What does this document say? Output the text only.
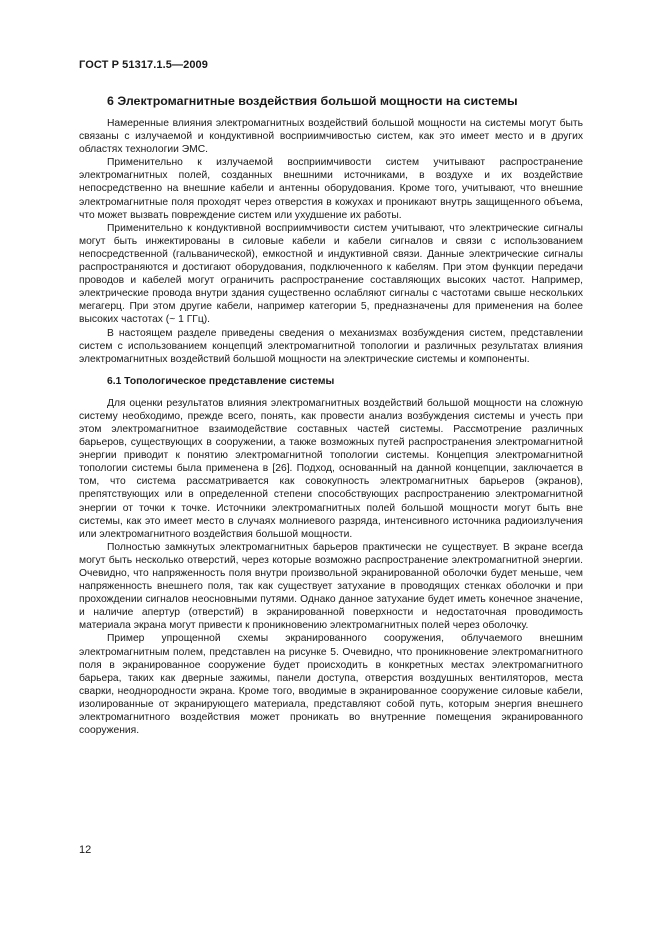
ГОСТ Р 51317.1.5—2009
6 Электромагнитные воздействия большой мощности на системы

Намеренные влияния электромагнитных воздействий большой мощности на системы могут быть связаны с излучаемой и кондуктивной восприимчивостью систем, как это имеет место и в других областях технологии ЭМС.

Применительно к излучаемой восприимчивости систем учитывают распространение электромагнитных полей, созданных внешними источниками, в воздухе и их воздействие непосредственно на внешние кабели и антенны оборудования. Кроме того, учитывают, что внешние электромагнитные поля проходят через отверстия в кожухах и проникают внутрь защищенного объема, что может вызвать повреждение систем или ухудшение их работы.

Применительно к кондуктивной восприимчивости систем учитывают, что электрические сигналы могут быть инжектированы в силовые кабели и кабели сигналов и связи с использованием непосредственной (гальванической), емкостной и индуктивной связи. Данные электрические сигналы распространяются и достигают оборудования, подключенного к кабелям. При этом функции передачи проводов и кабелей могут ограничить распространение составляющих высоких частот. Например, электрические провода внутри здания существенно ослабляют сигналы с частотами свыше нескольких мегагерц. При этом другие кабели, например категории 5, предназначены для применения на более высоких частотах (~ 1 ГГц).

В настоящем разделе приведены сведения о механизмах возбуждения систем, представлении систем с использованием концепций электромагнитной топологии и различных результатах влияния электромагнитных воздействий большой мощности на электрические системы и компоненты.

6.1 Топологическое представление системы

Для оценки результатов влияния электромагнитных воздействий большой мощности на сложную систему необходимо, прежде всего, понять, как провести анализ возбуждения системы и учесть при этом электромагнитное взаимодействие составных частей системы. Рассмотрение различных барьеров, существующих в сооружении, а также возможных путей распространения электромагнитной энергии приводит к понятию электромагнитной топологии системы. Концепция электромагнитной топологии системы была применена в [26]. Подход, основанный на данной концепции, заключается в том, что система рассматривается как совокупность электромагнитных барьеров (экранов), препятствующих или в определенной степени способствующих распространению электромагнитной энергии от точки к точке. Источники электромагнитных полей большой мощности могут быть вне системы, как это имеет место в случаях молниевого разряда, интенсивного источника радиоизлучения или электромагнитного воздействия большой мощности.

Полностью замкнутых электромагнитных барьеров практически не существует. В экране всегда могут быть несколько отверстий, через которые возможно распространение электромагнитной энергии. Очевидно, что напряженность поля внутри произвольной экранированной оболочки будет меньше, чем напряженность внешнего поля, так как существует затухание в проводящих стенках оболочки и при прохождении сигналов неосновными путями. Однако данное затухание будет иметь конечное значение, и наличие апертур (отверстий) в экранированной поверхности и недостаточная проводимость материала экрана могут привести к проникновению электромагнитных полей через оболочку.

Пример упрощенной схемы экранированного сооружения, облучаемого внешним электромагнитным полем, представлен на рисунке 5. Очевидно, что проникновение электромагнитного поля в экранированное сооружение будет происходить в конкретных местах электромагнитного барьера, таких как дверные зажимы, панели доступа, отверстия воздушных вентиляторов, места сварки, неоднородности экрана. Кроме того, вводимые в экранированное сооружение силовые кабели, изолированные от экранирующего материала, представляют собой путь, которым энергия внешнего электромагнитного воздействия может проникать во внутренние помещения экранированного сооружения.

12
